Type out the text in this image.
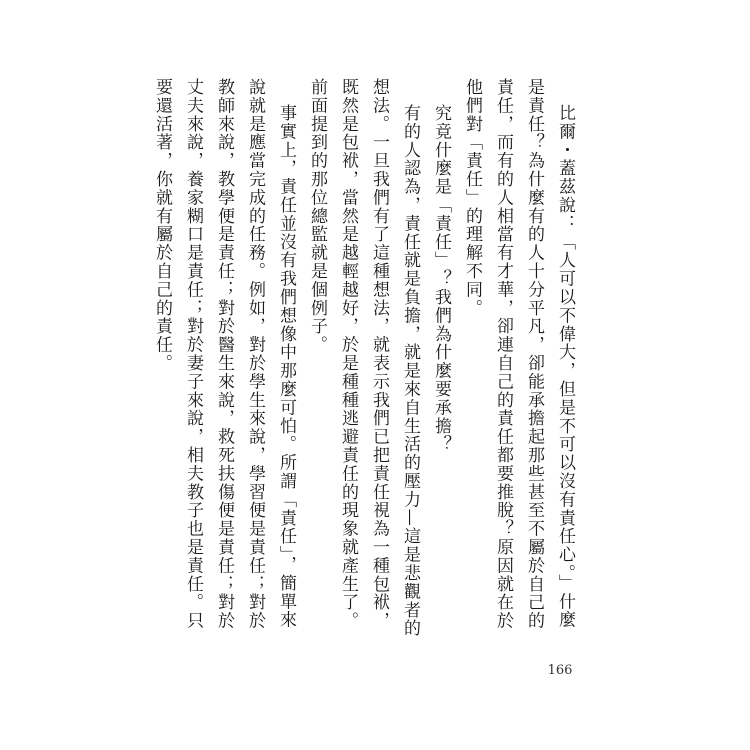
比爾・蓋茲說：「人可以不偉大，但是不可以沒有責任心。」什麼是責任？為什麼有的人十分平凡，卻能承擔起那些甚至不屬於自己的責任，而有的人相當有才華，卻連自己的責任都要推脫？原因就在於他們對「責任」的理解不同。

究竟什麼是「責任」？我們為什麼要承擔？

有的人認為，責任就是負擔，就是來自生活的壓力—這是悲觀者的想法。一旦我們有了這種想法，就表示我們已把責任視為一種包袱，既然是包袱，當然是越輕越好，於是種種逃避責任的現象就產生了。前面提到的那位總監就是個例子。

事實上，責任並沒有我們想像中那麼可怕。所謂「責任」，簡單來說就是應當完成的任務。例如，對於學生來說，學習便是責任；對於教師來說，教學便是責任；對於醫生來說，救死扶傷便是責任；對於丈夫來說，養家糊口是責任；對於妻子來說，相夫教子也是責任。只要還活著，你就有屬於自己的責任。

166
